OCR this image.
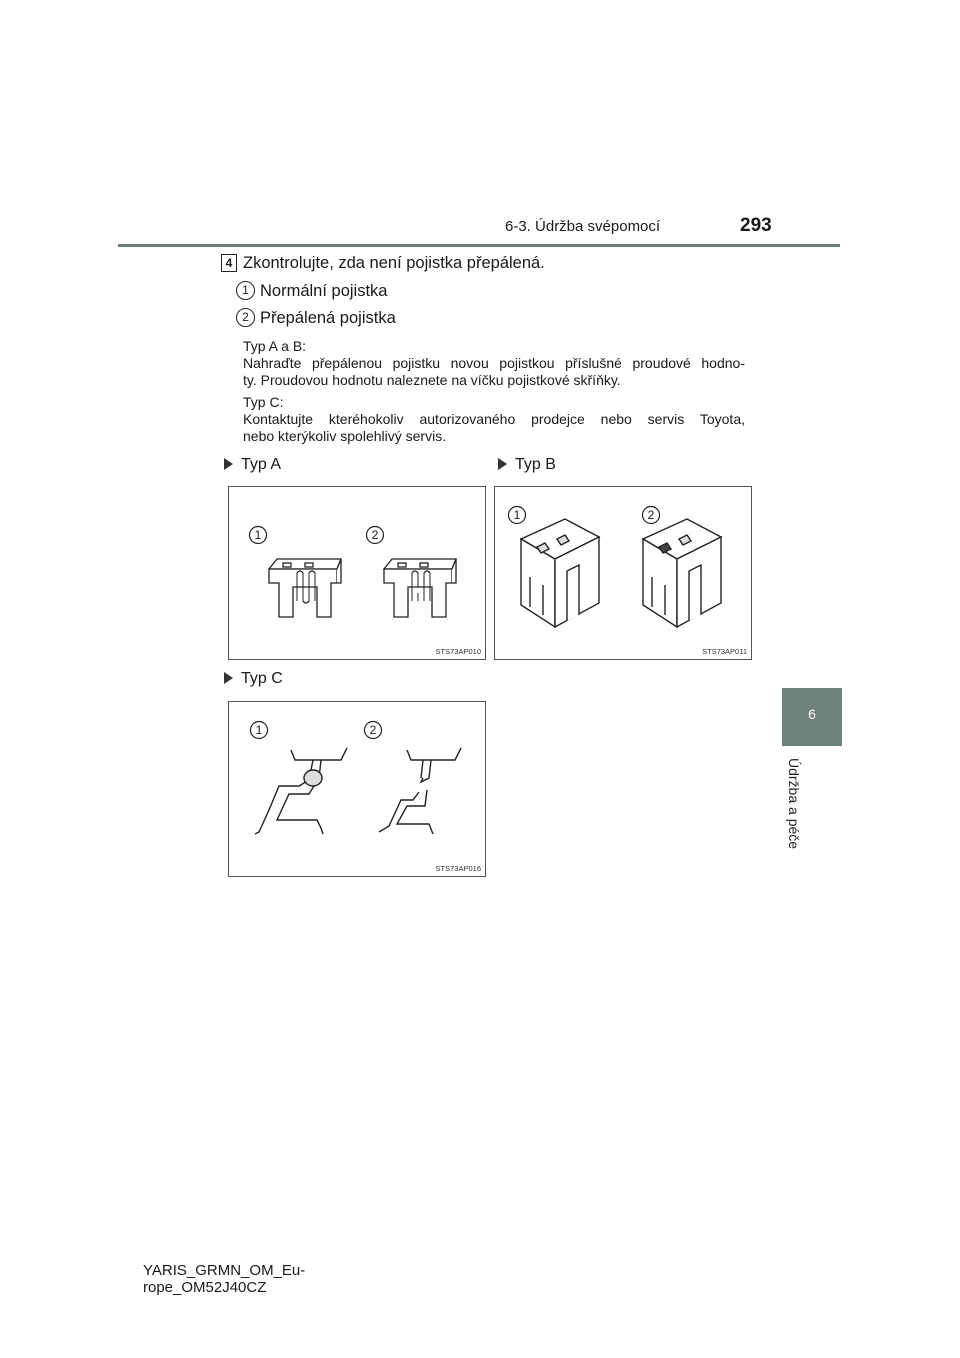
6-3. Údržba svépomocí	293
6
Údržba a péče
4 Zkontrolujte, zda není pojistka přepálená.
1 Normální pojistka
2 Přepálená pojistka
Typ A a B:
Nahraďte přepálenou pojistku novou pojistkou příslušné proudové hodno-
ty. Proudovou hodnotu naleznete na víčku pojistkové skříňky.
Typ C:
Kontaktujte kteréhokoliv autorizovaného prodejce nebo servis Toyota,
nebo kterýkoliv spolehlivý servis.
Typ A	Typ B
Typ C
1	2
STS73AP010
1	2
STS73AP011
1	2
STS73AP016
YARIS_GRMN_OM_Eu-
rope_OM52J40CZ
